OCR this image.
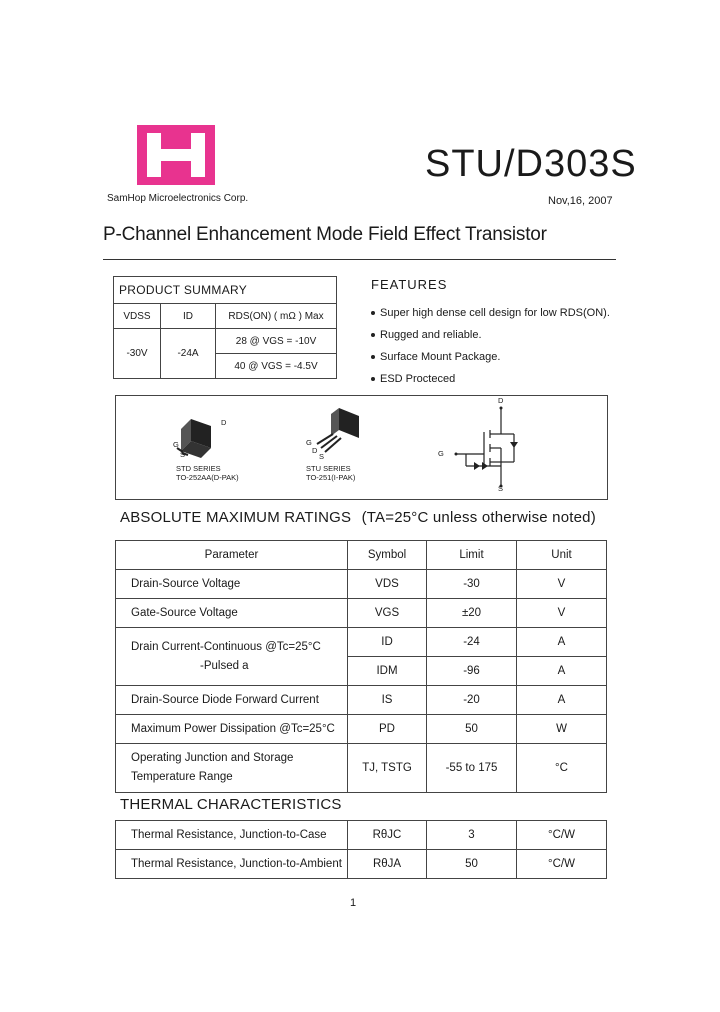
SamHop Microelectronics Corp.
STU/D303S
Nov,16, 2007
P-Channel Enhancement Mode Field Effect Transistor
PRODUCT SUMMARY		
VDSS	ID	RDS(ON) ( mΩ ) Max
-30V	-24A	28 @ VGS = -10V
		40 @ VGS = -4.5V
FEATURES
Super high dense cell design for low RDS(ON).
Rugged and reliable.
Surface Mount Package.
ESD Procteced
D
G
S
STD SERIES
TO-252AA(D-PAK)
G
D
S
STU SERIES
TO-251(I-PAK)
D
G
S
ABSOLUTE MAXIMUM RATINGS (TA=25°C unless otherwise noted)
Parameter	Symbol	Limit	Unit
Drain-Source Voltage	VDS	-30	V
Gate-Source Voltage	VGS	±20	V

Drain Current-Continuous @Tc=25°C
-Pulsed a	ID	-24	A
	IDM	-96	A
Drain-Source Diode Forward Current	IS	-20	A
Maximum Power Dissipation @Tc=25°C	PD	50	W

Operating Junction and Storage
Temperature Range	TJ, TSTG	-55 to 175	°C
THERMAL CHARACTERISTICS
Thermal Resistance, Junction-to-Case	RθJC	3	°C/W
Thermal Resistance, Junction-to-Ambient	RθJA	50	°C/W
1
